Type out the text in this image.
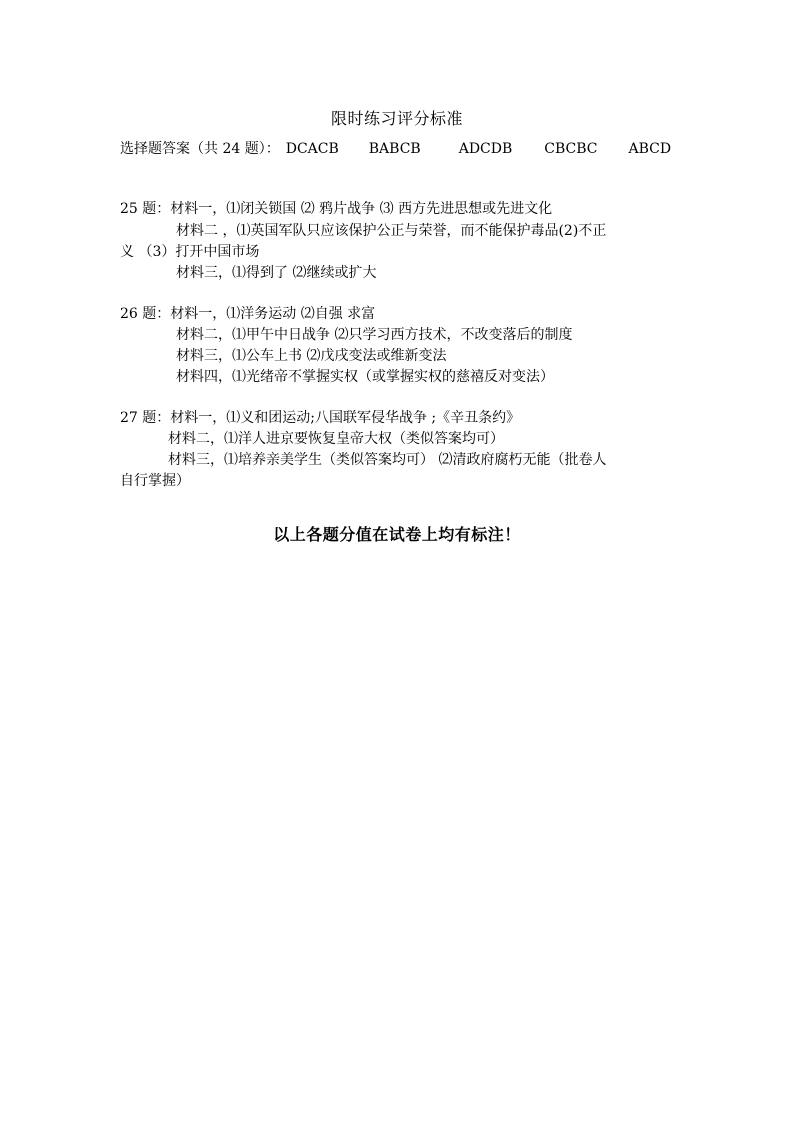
限时练习评分标准
选择题答案（共 24 题）： DCACB BABCB	ADCDB CBCBC ABCD
25 题：材料一，⑴闭关锁国 ⑵ 鸦片战争 ⑶ 西方先进思想或先进文化
材料二 ，⑴英国军队只应该保护公正与荣誉，而不能保护毒品(2)不正
义 （3）打开中国市场
材料三，⑴得到了 ⑵继续或扩大
26 题：材料一，⑴洋务运动 ⑵自强 求富
材料二，⑴甲午中日战争 ⑵只学习西方技术，不改变落后的制度
材料三，⑴公车上书 ⑵戊戌变法或维新变法
材料四，⑴光绪帝不掌握实权（或掌握实权的慈禧反对变法）
27 题：材料一，⑴义和团运动;八国联军侵华战争 ;《辛丑条约》
材料二，⑴洋人进京要恢复皇帝大权（类似答案均可）
材料三，⑴培养亲美学生（类似答案均可） ⑵清政府腐朽无能（批卷人
自行掌握）
以上各题分值在试卷上均有标注！
